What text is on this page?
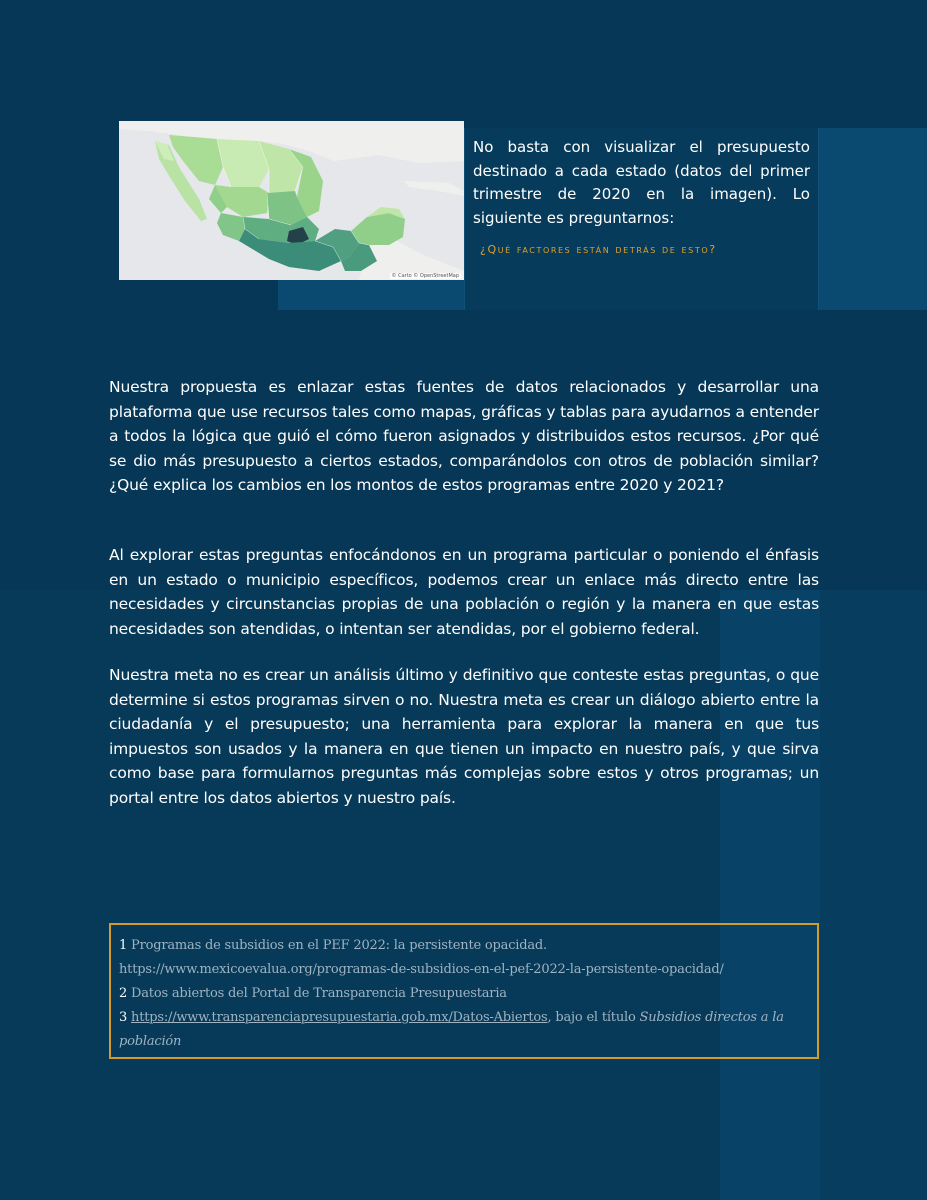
© Carto © OpenStreetMap

No basta con visualizar el presupuesto destinado a cada estado (datos del primer trimestre de 2020 en la imagen). Lo siguiente es preguntarnos:

¿Qué factores están detrás de esto?

Nuestra propuesta es enlazar estas fuentes de datos relacionados y desarrollar una plataforma que use recursos tales como mapas, gráficas y tablas para ayudarnos a entender a todos la lógica que guió el cómo fueron asignados y distribuidos estos recursos. ¿Por qué se dio más presupuesto a ciertos estados, comparándolos con otros de población similar? ¿Qué explica los cambios en los montos de estos programas entre 2020 y 2021?

Al explorar estas preguntas enfocándonos en un programa particular o poniendo el énfasis en un estado o municipio específicos, podemos crear un enlace más directo entre las necesidades y circunstancias propias de una población o región y la manera en que estas necesidades son atendidas, o intentan ser atendidas, por el gobierno federal.

Nuestra meta no es crear un análisis último y definitivo que conteste estas preguntas, o que determine si estos programas sirven o no. Nuestra meta es crear un diálogo abierto entre la ciudadanía y el presupuesto; una herramienta para explorar la manera en que tus impuestos son usados y la manera en que tienen un impacto en nuestro país, y que sirva como base para formularnos preguntas más complejas sobre estos y otros programas; un portal entre los datos abiertos y nuestro país.

1 Programas de subsidios en el PEF 2022: la persistente opacidad.

https://www.mexicoevalua.org/programas-de-subsidios-en-el-pef-2022-la-persistente-opacidad/

2 Datos abiertos del Portal de Transparencia Presupuestaria

3 https://www.transparenciapresupuestaria.gob.mx/Datos-Abiertos, bajo el título Subsidios directos a la población
